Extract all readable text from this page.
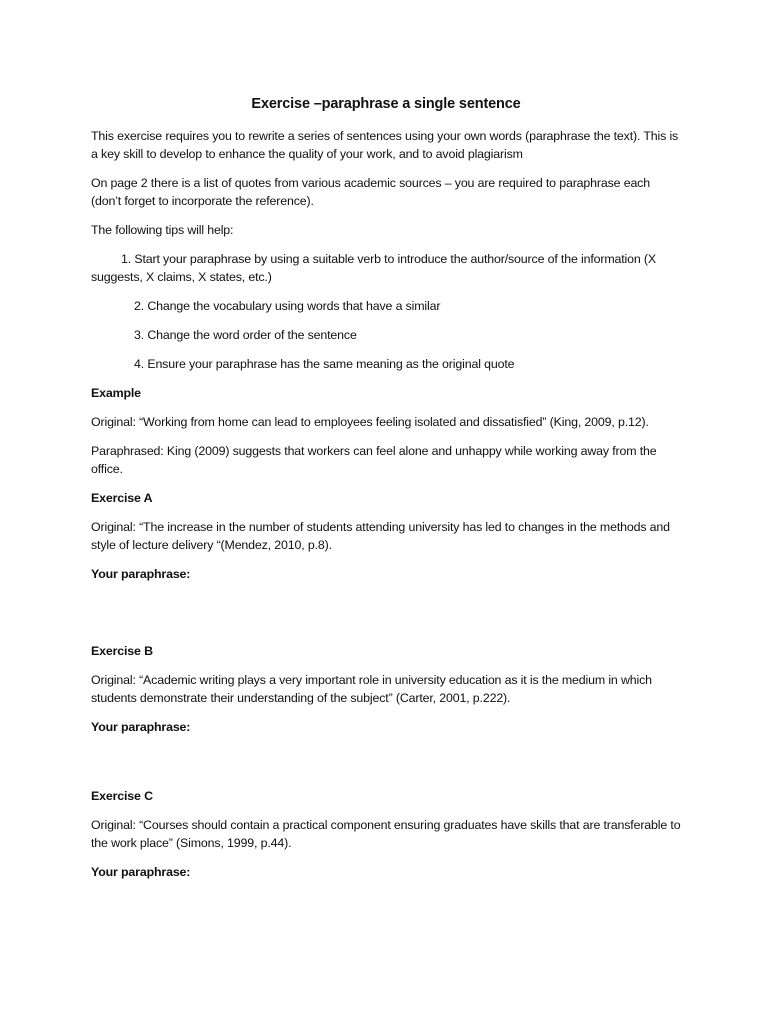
Exercise –paraphrase a single sentence

This exercise requires you to rewrite a series of sentences using your own words (paraphrase the text). This is a key skill to develop to enhance the quality of your work, and to avoid plagiarism

On page 2 there is a list of quotes from various academic sources – you are required to paraphrase each (don’t forget to incorporate the reference).

The following tips will help:

1. Start your paraphrase by using a suitable verb to introduce the author/source of the information (X suggests, X claims, X states, etc.)
2. Change the vocabulary using words that have a similar
3. Change the word order of the sentence
4. Ensure your paraphrase has the same meaning as the original quote

Example

Original: “Working from home can lead to employees feeling isolated and dissatisfied” (King, 2009, p.12).

Paraphrased: King (2009) suggests that workers can feel alone and unhappy while working away from the office.

Exercise A

Original: “The increase in the number of students attending university has led to changes in the methods and style of lecture delivery “(Mendez, 2010, p.8).

Your paraphrase:

Exercise B

Original: “Academic writing plays a very important role in university education as it is the medium in which students demonstrate their understanding of the subject” (Carter, 2001, p.222).

Your paraphrase:

Exercise C

Original: “Courses should contain a practical component ensuring graduates have skills that are transferable to the work place” (Simons, 1999, p.44).

Your paraphrase:
